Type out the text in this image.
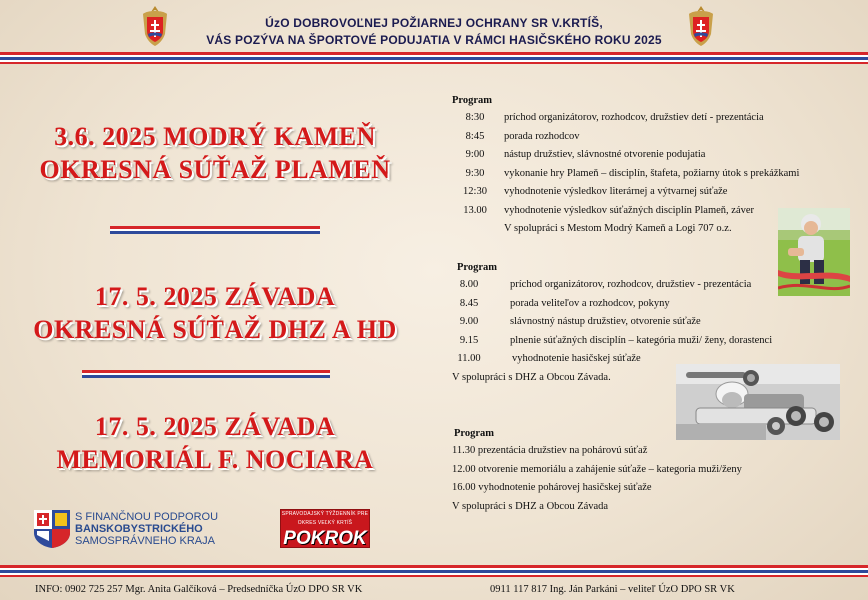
ÚzO DOBROVOĽNEJ POŽIARNEJ OCHRANY SR V.KRTÍŠ,
VÁS POZÝVA NA ŠPORTOVÉ PODUJATIA V RÁMCI HASIČSKÉHO ROKU 2025
3.6. 2025 MODRÝ KAMEŇ
OKRESNÁ SÚŤAŽ PLAMEŇ
17. 5. 2025 ZÁVADA
OKRESNÁ SÚŤAŽ DHZ A HD
17. 5. 2025 ZÁVADA
MEMORIÁL F. NOCIARA
Program
8:30 príchod organizátorov, rozhodcov, družstiev detí - prezentácia
8:45 porada rozhodcov
9:00 nástup družstiev, slávnostné otvorenie podujatia
9:30 vykonanie hry Plameň – disciplín, štafeta, požiarny útok s prekážkami
12:30 vyhodnotenie výsledkov literárnej a výtvarnej súťaže
13.00 vyhodnotenie výsledkov súťažných disciplín Plameň, záver
V spolupráci s Mestom Modrý Kameň a Logi 707 o.z.
Program
8.00	príchod organizátorov, rozhodcov, družstiev - prezentácia
8.45	porada veliteľov a rozhodcov, pokyny
9.00	slávnostný nástup družstiev, otvorenie súťaže
9.15	plnenie súťažných disciplín – kategória muži/ ženy, dorastenci
11.00	vyhodnotenie hasičskej súťaže
V spolupráci s DHZ a Obcou Závada.
Program
11.30 prezentácia družstiev na pohárovú súťaž
12.00 otvorenie memoriálu a zahájenie súťaže – kategoria muži/ženy
16.00 vyhodnotenie pohárovej hasičskej súťaže
V spolupráci s DHZ a Obcou Závada
S FINANČNOU PODPOROU
BANSKOBYSTRICKÉHO
SAMOSPRÁVNEHO KRAJA
SPRAVODAJSKÝ TÝŽDENNÍK PRE OKRES VEĽKÝ KRTÍŠ
POKROK
INFO: 0902 725 257 Mgr. Anita Galčíková – Predsedníčka ÚzO DPO SR VK	0911 117 817 Ing. Ján Parkáni – veliteľ ÚzO DPO SR VK
